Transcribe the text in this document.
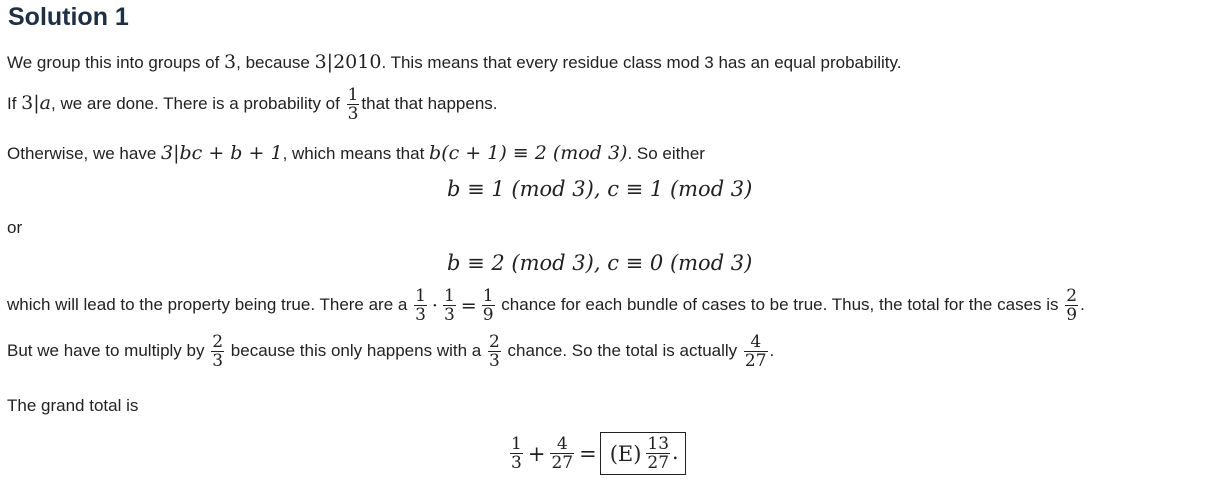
Solution 1
We group this into groups of 3, because 3|2010. This means that every residue class mod 3 has an equal probability.
If 3|a, we are done. There is a probability of $\frac{1}{3}$ that that happens.
Otherwise, we have 3|bc + b + 1, which means that b(c + 1) ≡ 2 (mod 3). So either
b ≡ 1 (mod 3), c ≡ 1 (mod 3)
or
b ≡ 2 (mod 3), c ≡ 0 (mod 3)
which will lead to the property being true. There are a $\frac{1}{3} \cdot \frac{1}{3} = \frac{1}{9}$ chance for each bundle of cases to be true. Thus, the total for the cases is $\frac{2}{9}$ .
But we have to multiply by $\frac{2}{3}$ because this only happens with a $\frac{2}{3}$ chance. So the total is actually $\frac{4}{27}$ .
The grand total is
$\frac{1}{3} + \frac{4}{27} = (E) \frac{13}{27}$ .
